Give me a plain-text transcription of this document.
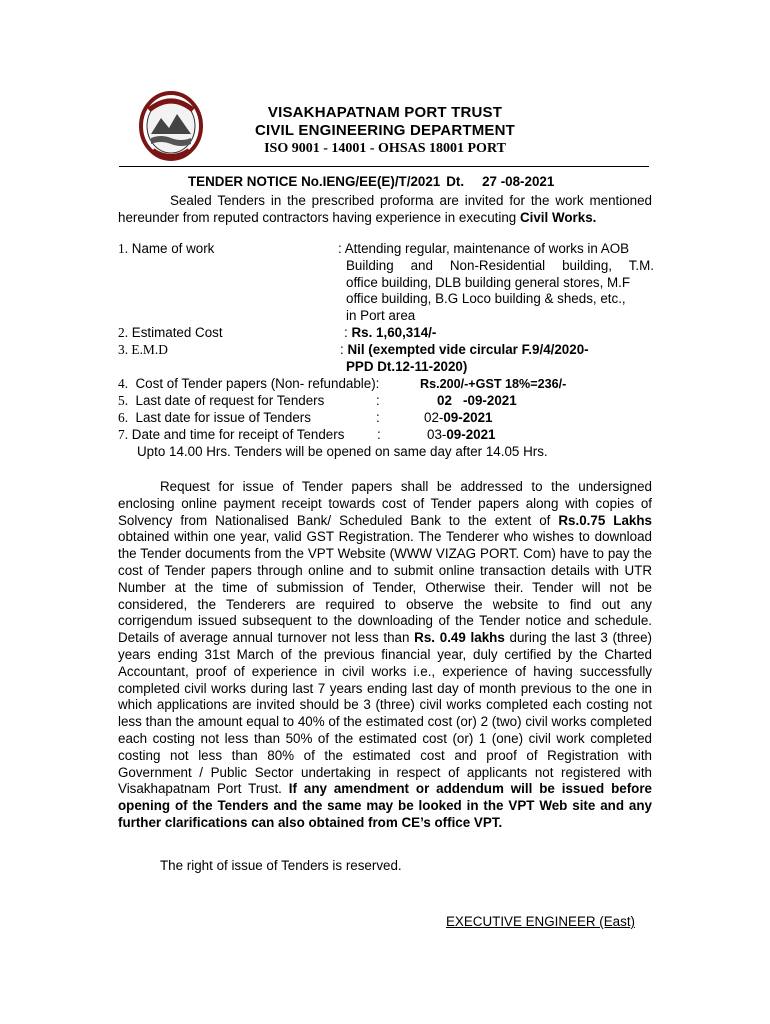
VISAKHAPATNAM PORT TRUST
CIVIL ENGINEERING DEPARTMENT
ISO 9001 - 14001 - OHSAS 18001 PORT
TENDER NOTICE No.IENG/EE(E)/T/2021 Dt. 27 -08-2021
Sealed Tenders in the prescribed proforma are invited for the work mentioned hereunder from reputed contractors having experience in executing Civil Works.
1. Name of work	: Attending regular, maintenance of works in AOB
Building and Non-Residential building, T.M.
office building, DLB building general stores, M.F
office building, B.G Loco building & sheds, etc.,
in Port area
2. Estimated Cost	: Rs. 1,60,314/-
3. E.M.D	: Nil (exempted vide circular F.9/4/2020-
PPD Dt.12-11-2020)
4. Cost of Tender papers (Non- refundable):	Rs.200/-+GST 18%=236/-
5. Last date of request for Tenders	:	02   -09-2021
6. Last date for issue of Tenders	:	02-09-2021
7. Date and time for receipt of Tenders :	03-09-2021
Upto 14.00 Hrs. Tenders will be opened on same day after 14.05 Hrs.
Request for issue of Tender papers shall be addressed to the undersigned enclosing online payment receipt towards cost of Tender papers along with copies of Solvency from Nationalised Bank/ Scheduled Bank to the extent of Rs.0.75 Lakhs obtained within one year, valid GST Registration. The Tenderer who wishes to download the Tender documents from the VPT Website (WWW VIZAG PORT. Com) have to pay the cost of Tender papers through online and to submit online transaction details with UTR Number at the time of submission of Tender, Otherwise their. Tender will not be considered, the Tenderers are required to observe the website to find out any corrigendum issued subsequent to the downloading of the Tender notice and schedule. Details of average annual turnover not less than Rs. 0.49 lakhs during the last 3 (three) years ending 31st March of the previous financial year, duly certified by the Charted Accountant, proof of experience in civil works i.e., experience of having successfully completed civil works during last 7 years ending last day of month previous to the one in which applications are invited should be 3 (three) civil works completed each costing not less than the amount equal to 40% of the estimated cost (or) 2 (two) civil works completed each costing not less than 50% of the estimated cost (or) 1 (one) civil work completed costing not less than 80% of the estimated cost and proof of Registration with Government / Public Sector undertaking in respect of applicants not registered with Visakhapatnam Port Trust. If any amendment or addendum will be issued before opening of the Tenders and the same may be looked in the VPT Web site and any further clarifications can also obtained from CE’s office VPT.
The right of issue of Tenders is reserved.
EXECUTIVE ENGINEER (East)
